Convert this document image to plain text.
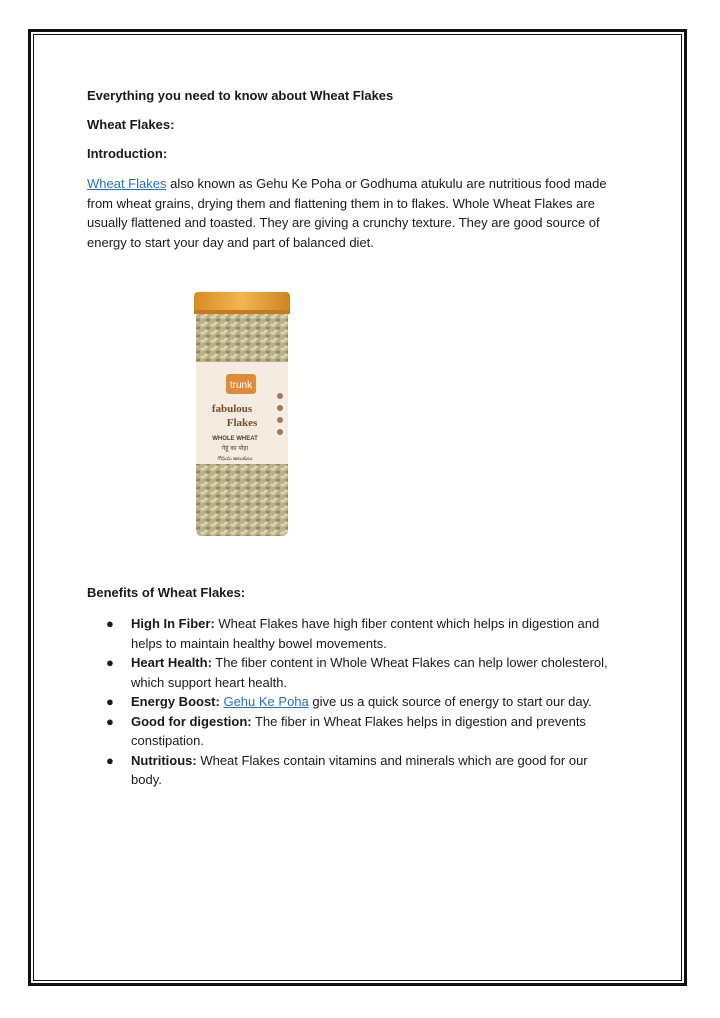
Everything you need to know about Wheat Flakes
Wheat Flakes:
Introduction:
Wheat Flakes also known as Gehu Ke Poha or Godhuma atukulu are nutritious food made
from wheat grains, drying them and flattening them in to flakes. Whole Wheat Flakes are
usually flattened and toasted. They are giving a crunchy texture. They are good source of
energy to start your day and part of balanced diet.
trunk
fabulous
Flakes
WHOLE WHEAT
गेहूं का पोहा
గోధుమ అటుకులు
Benefits of Wheat Flakes:
● High In Fiber: Wheat Flakes have high fiber content which helps in digestion and
helps to maintain healthy bowel movements.
● Heart Health: The fiber content in Whole Wheat Flakes can help lower cholesterol,
which support heart health.
● Energy Boost: Gehu Ke Poha give us a quick source of energy to start our day.
● Good for digestion: The fiber in Wheat Flakes helps in digestion and prevents
constipation.
● Nutritious: Wheat Flakes contain vitamins and minerals which are good for our
body.
